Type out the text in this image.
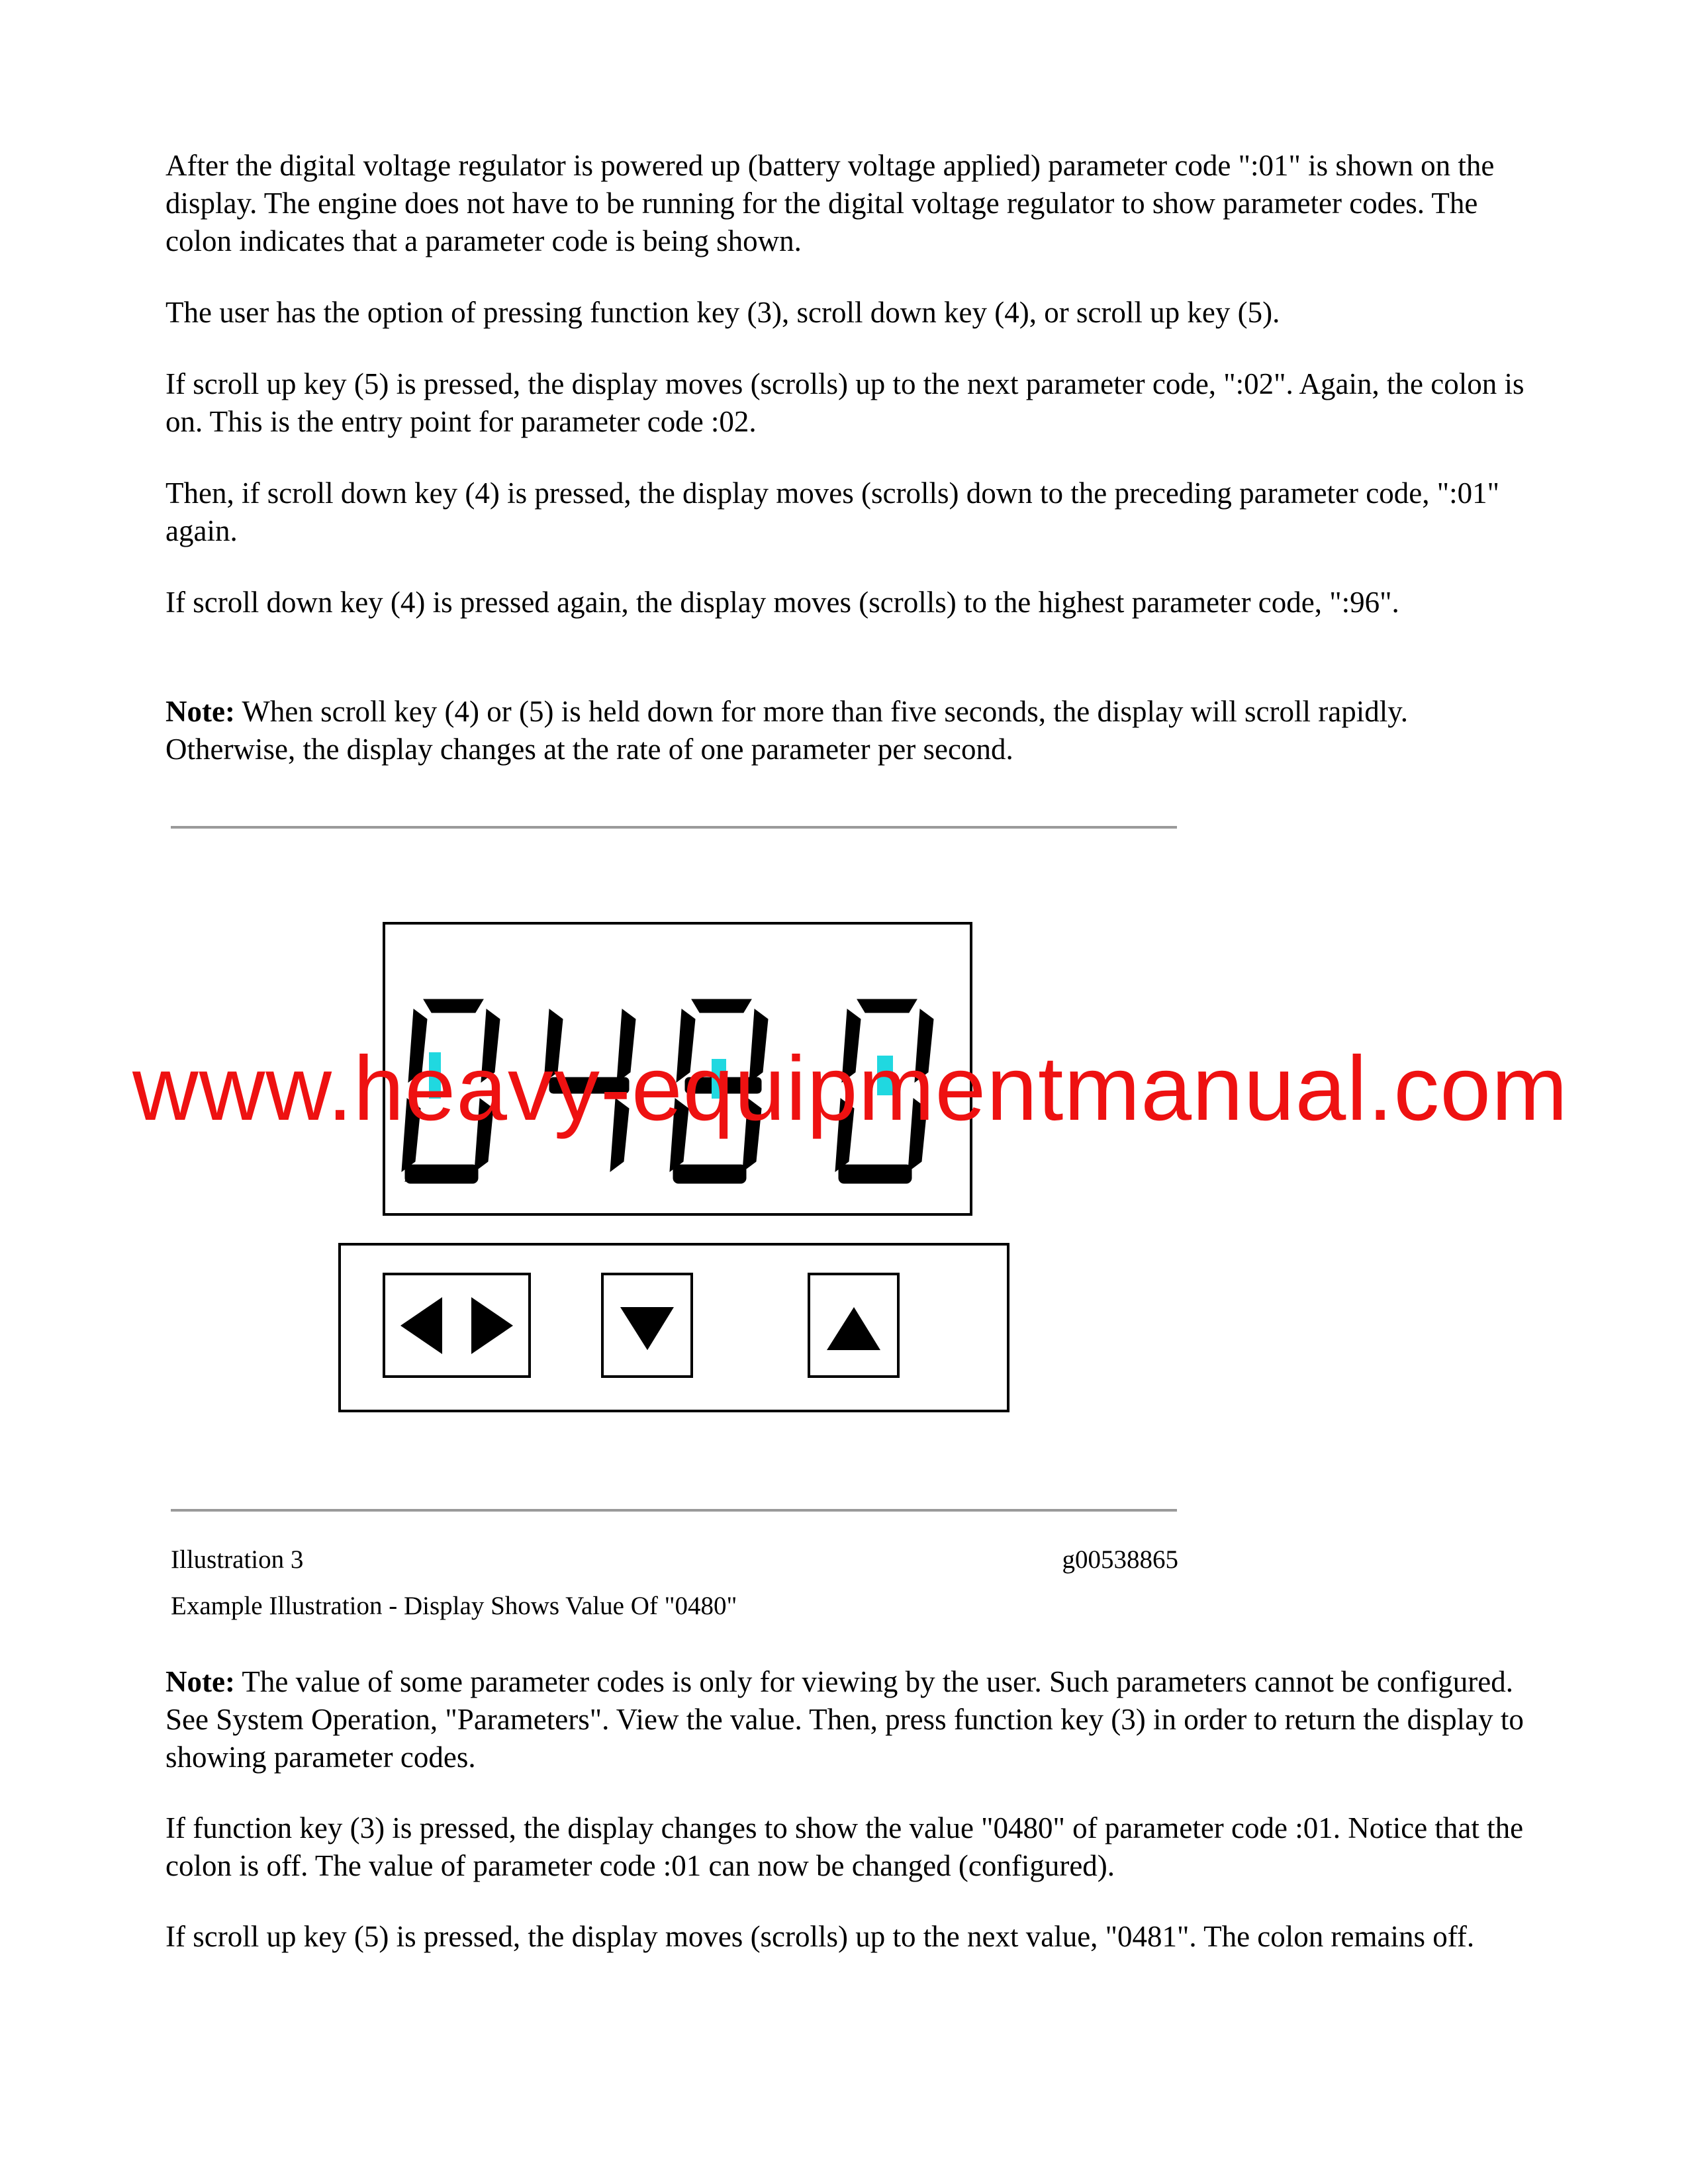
After the digital voltage regulator is powered up (battery voltage applied) parameter code ":01" is shown on the display. The engine does not have to be running for the digital voltage regulator to show parameter codes. The colon indicates that a parameter code is being shown.

The user has the option of pressing function key (3), scroll down key (4), or scroll up key (5).

If scroll up key (5) is pressed, the display moves (scrolls) up to the next parameter code, ":02". Again, the colon is on. This is the entry point for parameter code :02.

Then, if scroll down key (4) is pressed, the display moves (scrolls) down to the preceding parameter code, ":01" again.

If scroll down key (4) is pressed again, the display moves (scrolls) to the highest parameter code, ":96".

Note: When scroll key (4) or (5) is held down for more than five seconds, the display will scroll rapidly. Otherwise, the display changes at the rate of one parameter per second.

www.heavy-equipmentmanual.com
Illustration 3	g00538865
Example Illustration - Display Shows Value Of "0480"

Note: The value of some parameter codes is only for viewing by the user. Such parameters cannot be configured. See System Operation, "Parameters". View the value. Then, press function key (3) in order to return the display to showing parameter codes.

If function key (3) is pressed, the display changes to show the value "0480" of parameter code :01. Notice that the colon is off. The value of parameter code :01 can now be changed (configured).

If scroll up key (5) is pressed, the display moves (scrolls) up to the next value, "0481". The colon remains off.
